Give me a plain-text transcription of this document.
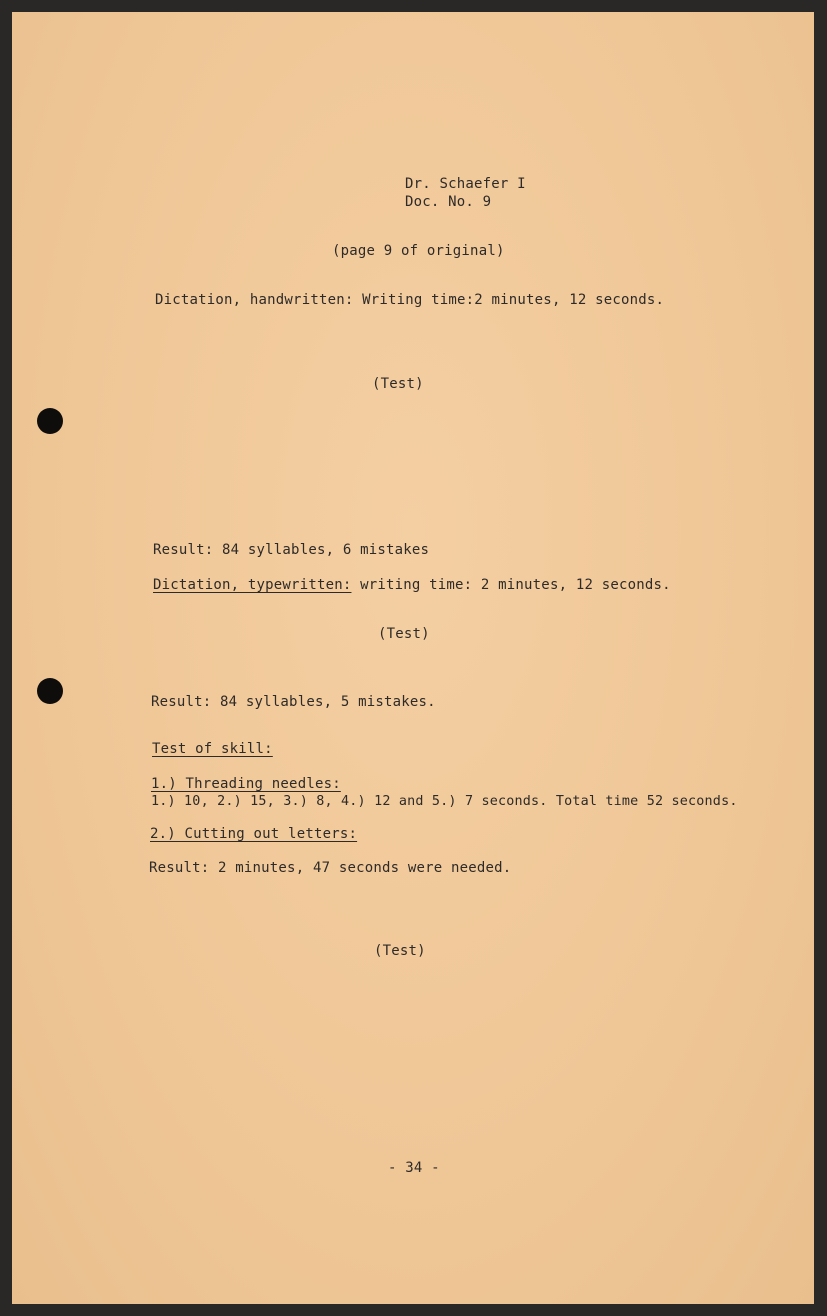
Dr. Schaefer I
Doc. No. 9
(page 9 of original)
Dictation, handwritten: Writing time:2 minutes, 12 seconds.
(Test)
Result: 84 syllables, 6 mistakes
Dictation, typewritten: writing time: 2 minutes, 12 seconds.
(Test)
Result: 84 syllables, 5 mistakes.
Test of skill:
1.) Threading needles:
1.) 10, 2.) 15, 3.) 8, 4.) 12 and 5.) 7 seconds. Total time 52 seconds.
2.) Cutting out letters:
Result: 2 minutes, 47 seconds were needed.
(Test)
- 34 -
